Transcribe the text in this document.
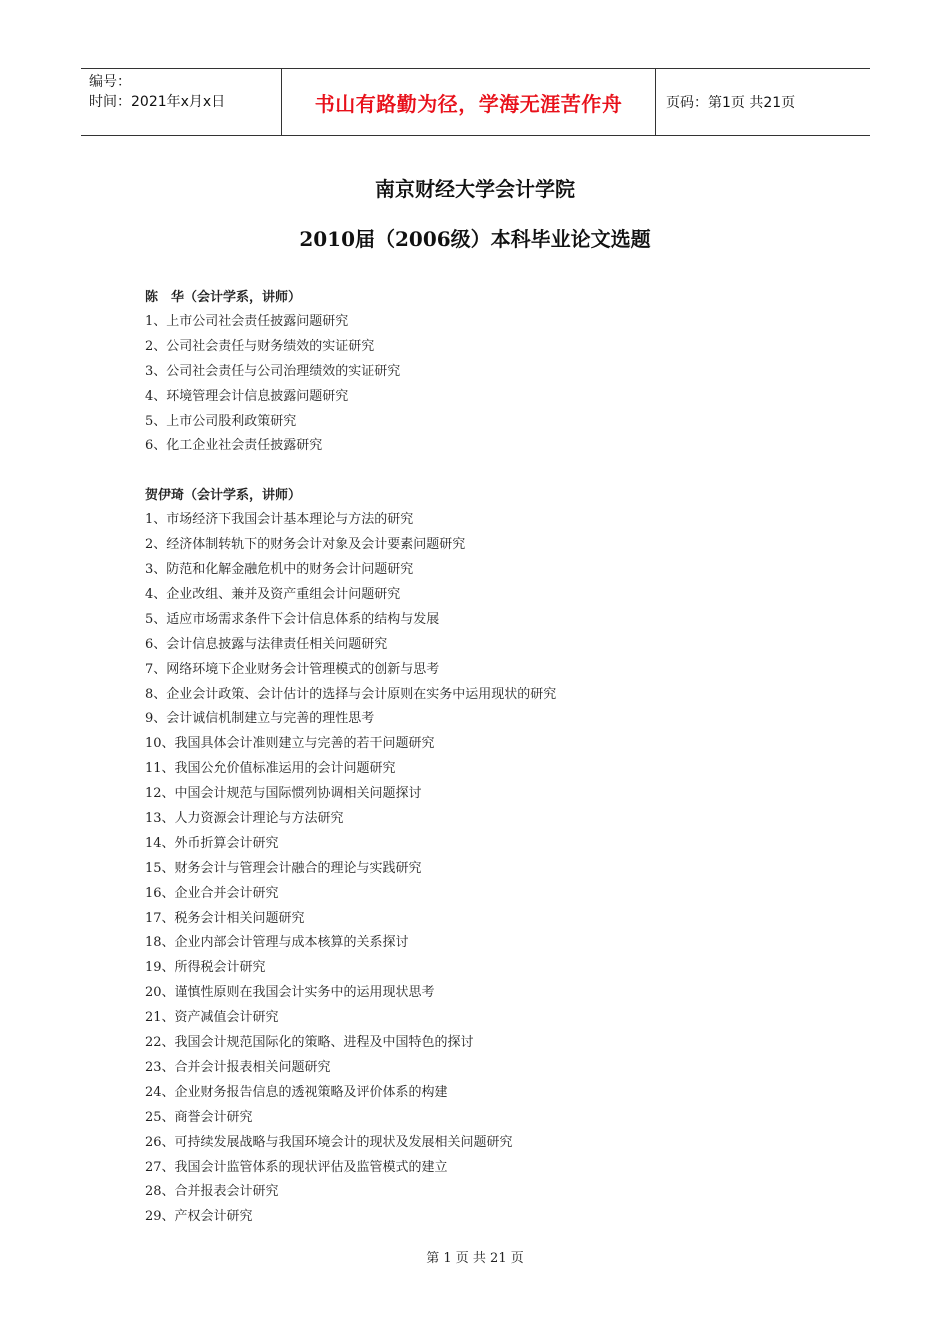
编号：
时间：2021年x月x日	书山有路勤为径，学海无涯苦作舟	页码：第1页 共21页
南京财经大学会计学院
2010届（2006级）本科毕业论文选题
陈　华（会计学系，讲师）
1、上市公司社会责任披露问题研究
2、公司社会责任与财务绩效的实证研究
3、公司社会责任与公司治理绩效的实证研究
4、环境管理会计信息披露问题研究
5、上市公司股利政策研究
6、化工企业社会责任披露研究
贺伊琦（会计学系，讲师）
1、市场经济下我国会计基本理论与方法的研究
2、经济体制转轨下的财务会计对象及会计要素问题研究
3、防范和化解金融危机中的财务会计问题研究
4、企业改组、兼并及资产重组会计问题研究
5、适应市场需求条件下会计信息体系的结构与发展
6、会计信息披露与法律责任相关问题研究
7、网络环境下企业财务会计管理模式的创新与思考
8、企业会计政策、会计估计的选择与会计原则在实务中运用现状的研究
9、会计诚信机制建立与完善的理性思考
10、我国具体会计准则建立与完善的若干问题研究
11、我国公允价值标准运用的会计问题研究
12、中国会计规范与国际惯列协调相关问题探讨
13、人力资源会计理论与方法研究
14、外币折算会计研究
15、财务会计与管理会计融合的理论与实践研究
16、企业合并会计研究
17、税务会计相关问题研究
18、企业内部会计管理与成本核算的关系探讨
19、所得税会计研究
20、谨慎性原则在我国会计实务中的运用现状思考
21、资产减值会计研究
22、我国会计规范国际化的策略、进程及中国特色的探讨
23、合并会计报表相关问题研究
24、企业财务报告信息的透视策略及评价体系的构建
25、商誉会计研究
26、可持续发展战略与我国环境会计的现状及发展相关问题研究
27、我国会计监管体系的现状评估及监管模式的建立
28、合并报表会计研究
29、产权会计研究
第 1 页 共 21 页
